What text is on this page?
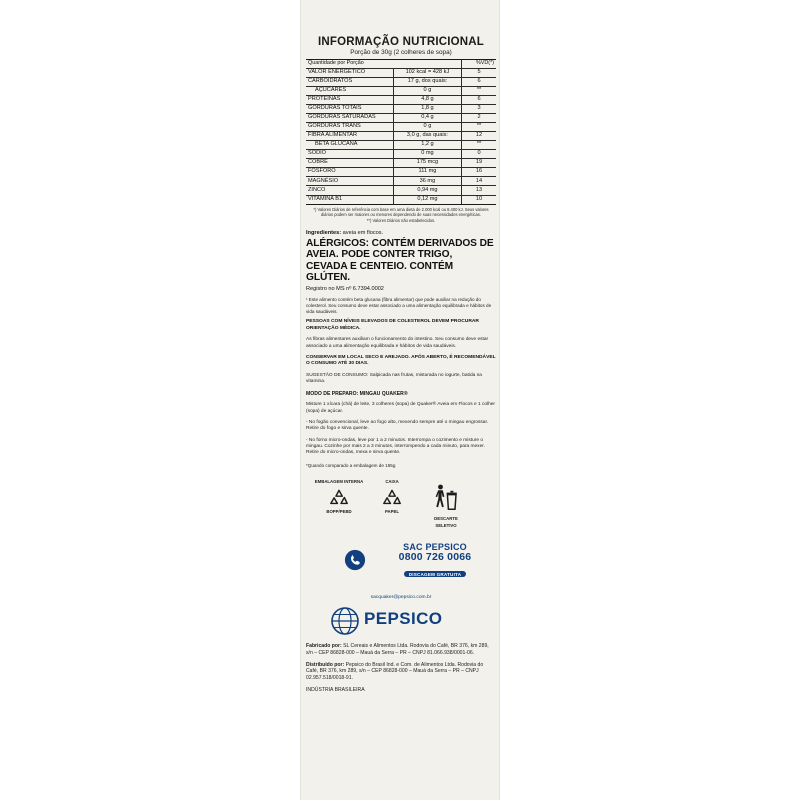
INFORMAÇÃO NUTRICIONAL
Porção de 30g (2 colheres de sopa)
Quantidade por Porção		%VD(*)
VALOR ENERGÉTICO	102 kcal = 428 kJ	5
CARBOIDRATOS	17 g, dos quais:	6
AÇÚCARES	0 g	**
PROTEÍNAS	4,8 g	6
GORDURAS TOTAIS	1,8 g	3
GORDURAS SATURADAS	0,4 g	2
GORDURAS TRANS	0 g	**
FIBRA ALIMENTAR	3,0 g, das quais:	12
BETA GLUCANA	1,2 g	**
SÓDIO	0 mg	0
COBRE	175 mcg	19
FÓSFORO	111 mg	16
MAGNÉSIO	36 mg	14
ZINCO	0,94 mg	13
VITAMINA B1	0,12 mg	10
*) Valores Diários de referência com base em uma dieta de 2.000 kcal ou 8.400 kJ. Seus valores diários podem ser maiores ou menores dependendo de suas necessidades energéticas.
**) Valores Diários não estabelecidos.
Ingredientes: aveia em flocos.
ALÉRGICOS: CONTÉM DERIVADOS DE AVEIA. PODE CONTER TRIGO, CEVADA E CENTEIO. CONTÉM GLÚTEN.
Registro no MS nº 6.7394.0002
¹ Este alimento contém beta glucana (fibra alimentar) que pode auxiliar na redução do colesterol. Seu consumo deve estar associado a uma alimentação equilibrada e hábitos de vida saudáveis.
PESSOAS COM NÍVEIS ELEVADOS DE COLESTEROL DEVEM PROCURAR ORIENTAÇÃO MÉDICA.
As fibras alimentares auxiliam o funcionamento do intestino. Seu consumo deve estar associado a uma alimentação equilibrada e hábitos de vida saudáveis.
CONSERVAR EM LOCAL SECO E AREJADO. APÓS ABERTO, É RECOMENDÁVEL O CONSUMO ATÉ 30 DIAS.
SUGESTÃO DE CONSUMO: Salpicada nas frutas, misturada no iogurte, batida na vitamina.
MODO DE PREPARO: MINGAU QUAKER®
Misture 1 xícara (chá) de leite, 3 colheres (sopa) de Quaker® Aveia em Flocos e 1 colher (sopa) de açúcar.
- No fogão convencional, leve ao fogo alto, mexendo sempre até o mingau engrossar. Retire do fogo e sirva quente.
- No forno micro-ondas, leve por 1 a 2 minutos. Interrompa o cozimento e misture o mingau. Cozinhe por mais 2 a 3 minutos, interrompendo a cada minuto, para mexer. Retire do micro-ondas, mexa e sirva quente.
*Quando comparado a embalagem de 165g
EMBALAGEM INTERNA
BOPP/PEBD
CAIXA
PAPEL
DESCARTE
SELETIVO
SAC PEPSICO
0800 726 0066
DISCAGEM GRATUITA
sacquaker@pepsico.com.br
PEPSICO

Fabricado por: SL Cereais e Alimentos Ltda. Rodovia do Café, BR 376, km 289, s/n – CEP 86828-000 – Mauá da Serra – PR – CNPJ 81.066.938/0001-06.

Distribuído por: Pepsico do Brasil Ind. e Com. de Alimentos Ltda. Rodovia do Café, BR 376, km 289, s/n – CEP 86828-000 – Mauá da Serra – PR – CNPJ 02.957.518/0018-91.

INDÚSTRIA BRASILEIRA
